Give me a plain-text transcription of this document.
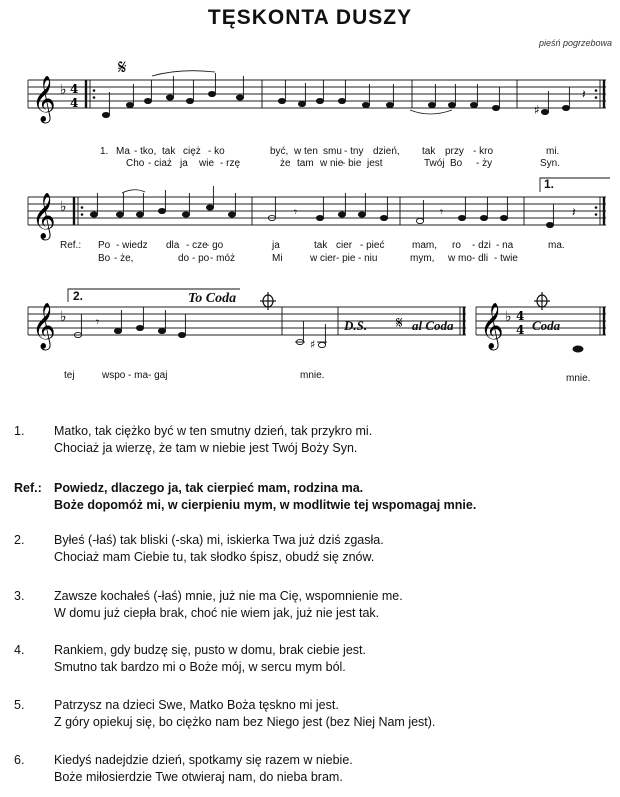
TĘSKONTA DUSZY
pieśń pogrzebowa
𝄞 ♭ 4
4
𝄋
♯
𝄽
1. Ma - tko, tak cięż - ko	być, w ten smu - tny dzień, tak przy - kro	mi.
Cho - ciaż ja wie - rzę	że tam w nie
- bie jest	Twój Bo - ży	Syn.
𝄞 ♭	𝄾	𝄾	𝄽
1.
Ref.: Po - wiedz dla - cze
- go	ja	tak cier - pieć	mam, ro - dzi - na	ma.
Bo - że,	do - po - móż	Mi	w cier - pie - niu	mym, w mo - dli - twie
𝄞 ♭ 𝄾
♯
𝄋 𝄞 ♭ 4
4
2.	To Coda
D.S.	al Coda	Coda
tej	wspo - ma - gaj	mnie.	mnie.
1.	Matko, tak ciężko być w ten smutny dzień, tak przykro mi.
Chociaż ja wierzę, że tam w niebie jest Twój Boży Syn.
Ref.: Powiedz, dlaczego ja, tak cierpieć mam, rodzina ma.
Boże dopomóż mi, w cierpieniu mym, w modlitwie tej wspomagaj mnie.
2.	Byłeś (-łaś) tak bliski (-ska) mi, iskierka Twa już dziś zgasła.
Chociaż mam Ciebie tu, tak słodko śpisz, obudź się znów.
3.	Zawsze kochałeś (-łaś) mnie, już nie ma Cię, wspomnienie me.
W domu już ciepła brak, choć nie wiem jak, już nie jest tak.
4.	Rankiem, gdy budzę się, pusto w domu, brak ciebie jest.
Smutno tak bardzo mi o Boże mój, w sercu mym ból.
5.	Patrzysz na dzieci Swe, Matko Boża tęskno mi jest.
Z góry opiekuj się, bo ciężko nam bez Niego jest (bez Niej Nam jest).
6.	Kiedyś nadejdzie dzień, spotkamy się razem w niebie.
Boże miłosierdzie Twe otwieraj nam, do nieba bram.
